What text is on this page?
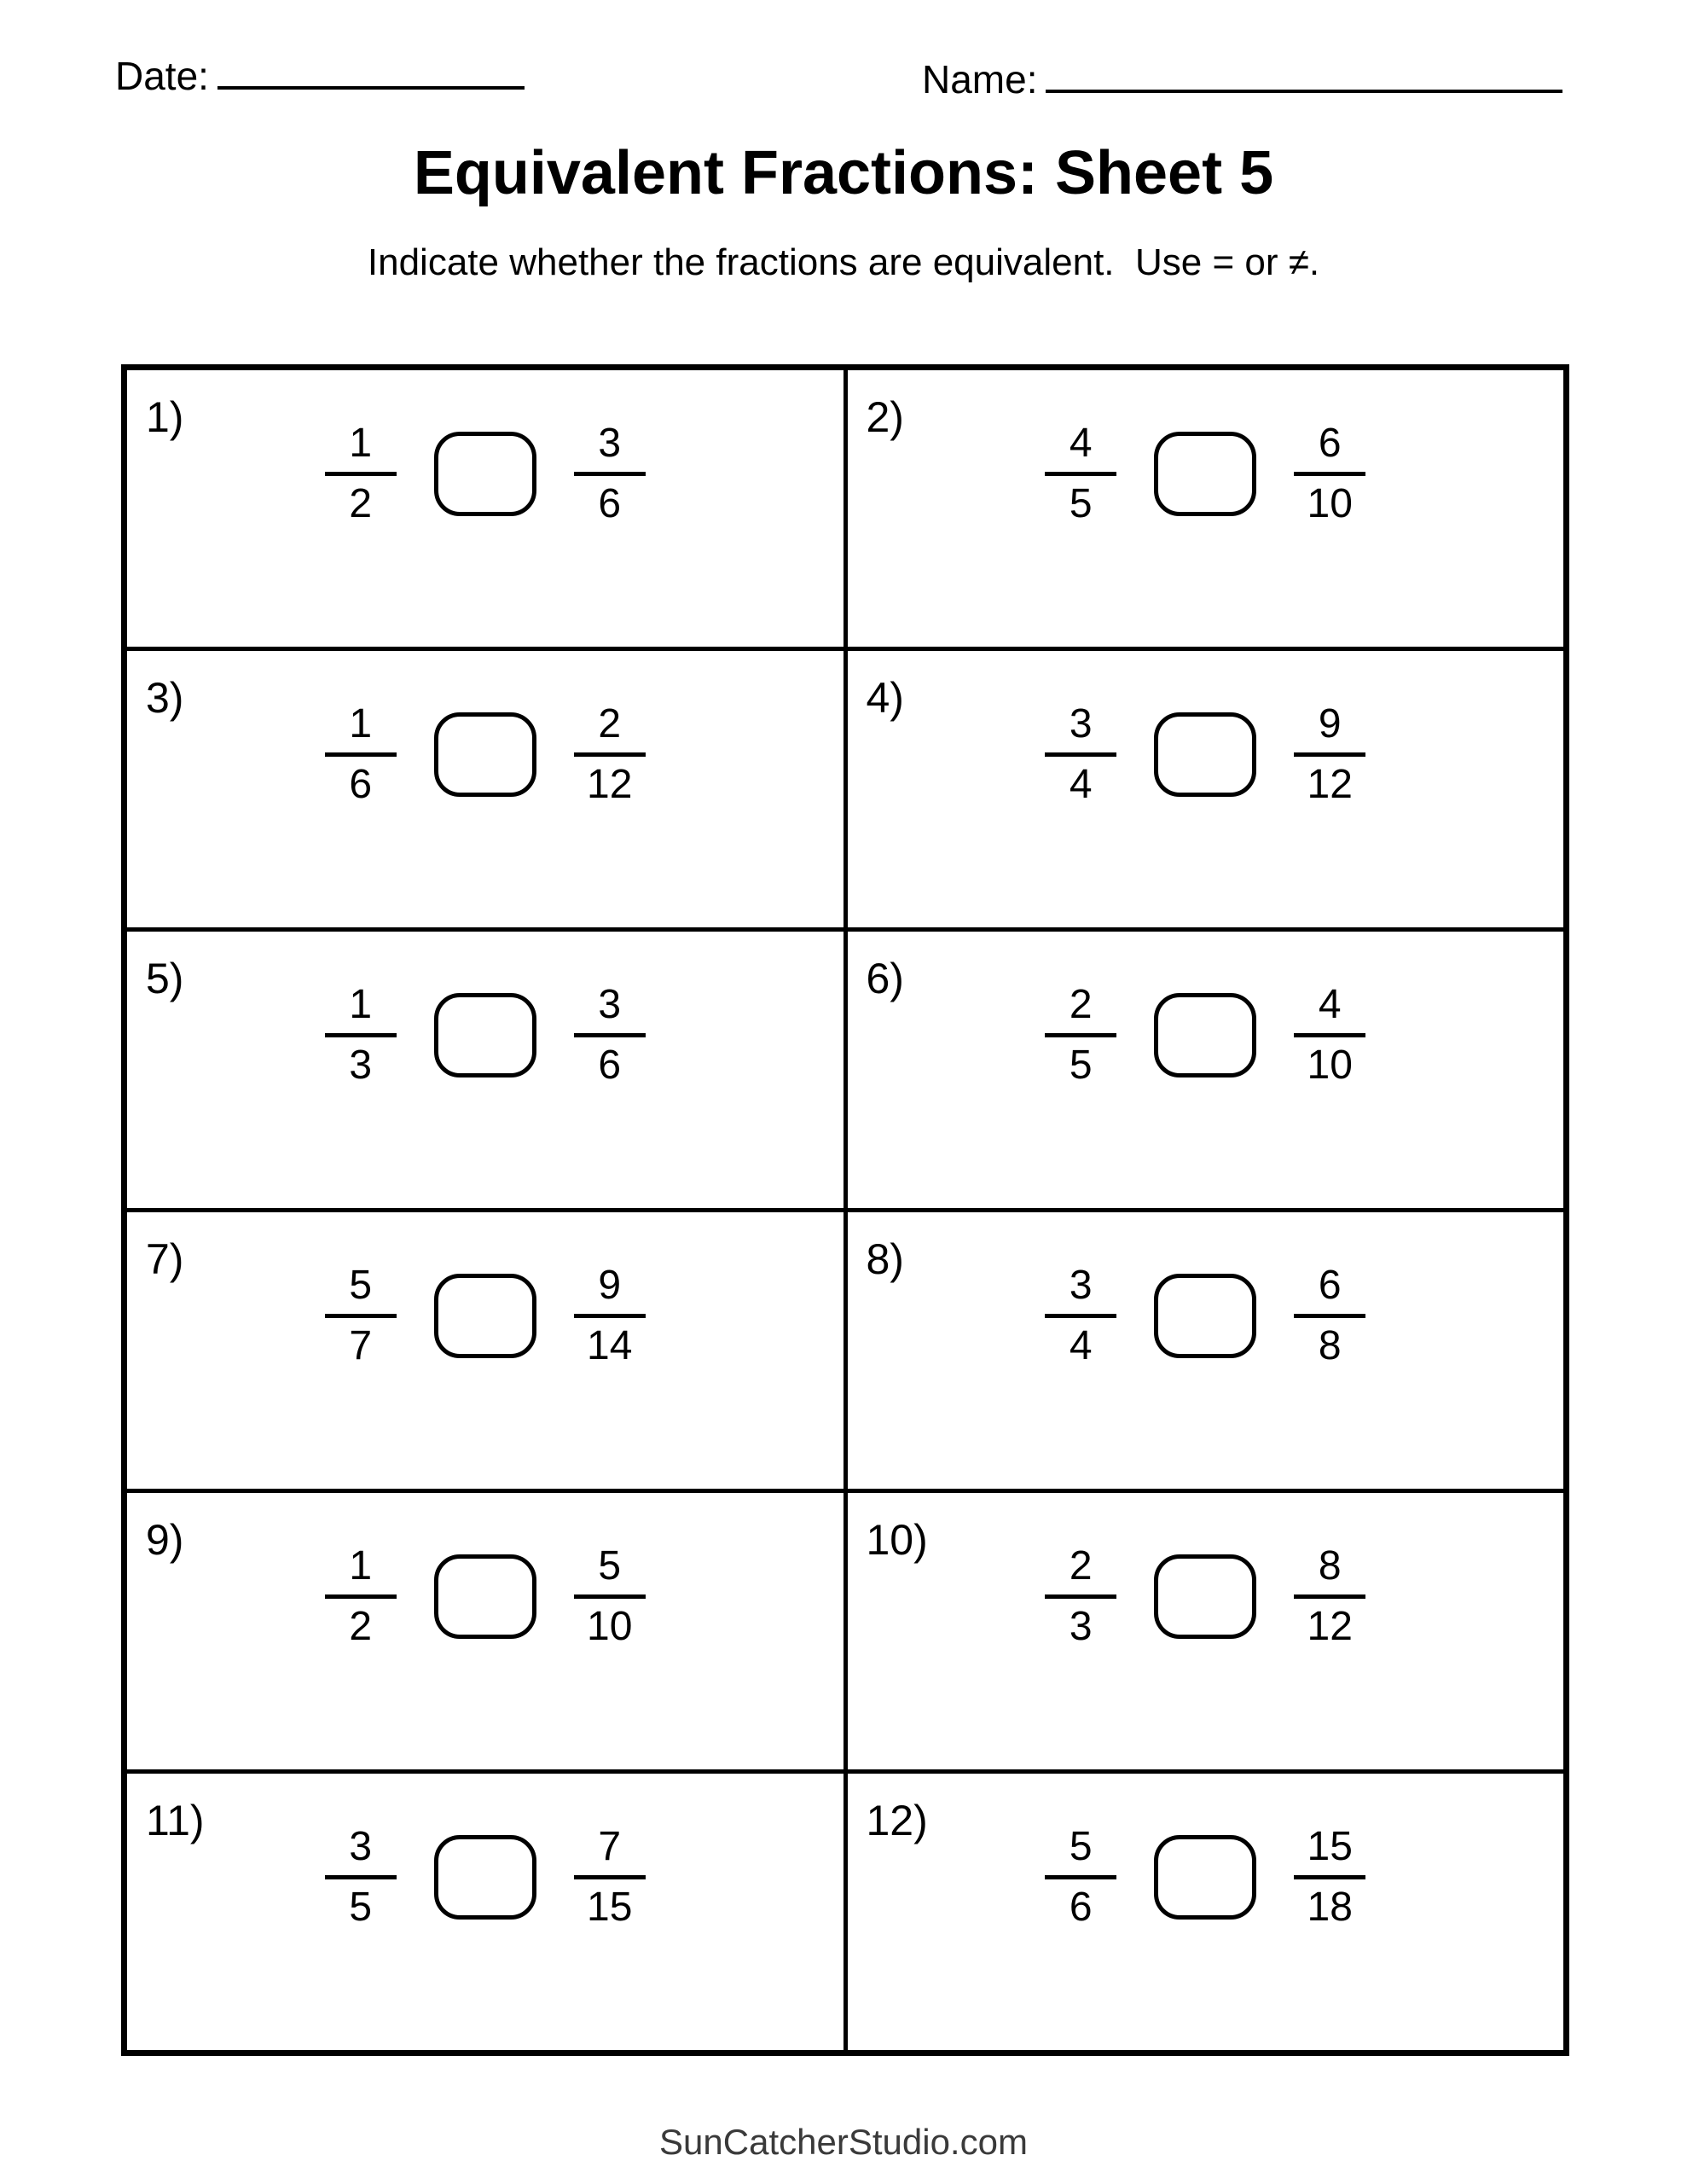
Date:	Name:
Equivalent Fractions: Sheet 5
Indicate whether the fractions are equivalent.  Use = or ≠.
1)
1
2
3
6
2)
4
5
6
10
3)
1
6
2
12
4)
3
4
9
12
5)
1
3
3
6
6)
2
5
4
10
7)
5
7
9
14
8)
3
4
6
8
9)
1
2
5
10
10)
2
3
8
12
11)
3
5
7
15
12)
5
6
15
18
SunCatcherStudio.com
